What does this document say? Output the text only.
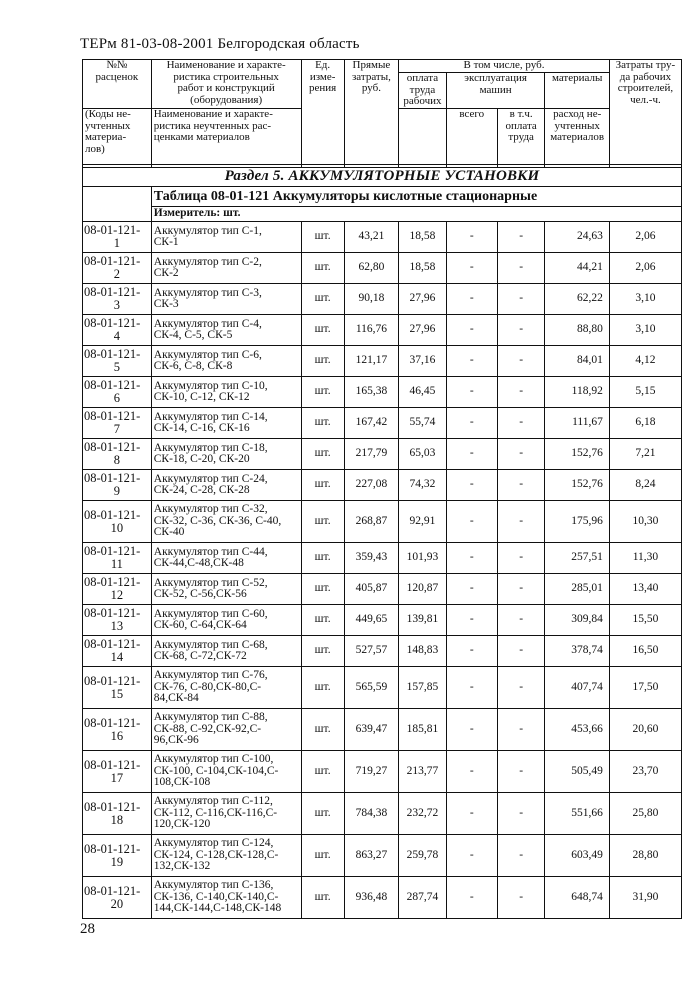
ТЕРм 81-03-08-2001 Белгородская область
№№
расценок	Наименование и характе-
ристика строительных
работ и конструкций
(оборудования)	Ед.
изме-
рения	Прямые
затраты,
руб.	В том числе, руб.				Затраты тру-
да рабочих
строителей,
чел.-ч.

				оплата
труда
рабочих	эксплуатация
машин		материалы	

(Коды не-
учтенных
материа-
лов)	Наименование и характе-
ристика неучтенных рас-
ценками материалов				всего	в т.ч.
оплата
труда	расход не-
учтенных
материалов	

Раздел 5. АККУМУЛЯТОРНЫЕ УСТАНОВКИ								
	Таблица 08-01-121 Аккумуляторы кислотные стационарные							
	Измеритель: шт.							
08-01-121-
1	Аккумулятор тип С-1,
СК-1	шт.	43,21	18,58	-	-	24,63	2,06
08-01-121-
2	Аккумулятор тип С-2,
СК-2	шт.	62,80	18,58	-	-	44,21	2,06
08-01-121-
3	Аккумулятор тип С-3,
СК-3	шт.	90,18	27,96	-	-	62,22	3,10
08-01-121-
4	Аккумулятор тип С-4,
СК-4, С-5, СК-5	шт.	116,76	27,96	-	-	88,80	3,10
08-01-121-
5	Аккумулятор тип С-6,
СК-6, С-8, СК-8	шт.	121,17	37,16	-	-	84,01	4,12
08-01-121-
6	Аккумулятор тип С-10,
СК-10, С-12, СК-12	шт.	165,38	46,45	-	-	118,92	5,15
08-01-121-
7	Аккумулятор тип С-14,
СК-14, С-16, СК-16	шт.	167,42	55,74	-	-	111,67	6,18
08-01-121-
8	Аккумулятор тип С-18,
СК-18, С-20, СК-20	шт.	217,79	65,03	-	-	152,76	7,21
08-01-121-
9	Аккумулятор тип С-24,
СК-24, С-28, СК-28	шт.	227,08	74,32	-	-	152,76	8,24
08-01-121-
10	Аккумулятор тип С-32,
СК-32, С-36, СК-36, С-40,
СК-40	шт.	268,87	92,91	-	-	175,96	10,30
08-01-121-
11	Аккумулятор тип С-44,
СК-44,С-48,СК-48	шт.	359,43	101,93	-	-	257,51	11,30
08-01-121-
12	Аккумулятор тип С-52,
СК-52, С-56,СК-56	шт.	405,87	120,87	-	-	285,01	13,40
08-01-121-
13	Аккумулятор тип С-60,
СК-60, С-64,СК-64	шт.	449,65	139,81	-	-	309,84	15,50
08-01-121-
14	Аккумулятор тип С-68,
СК-68, С-72,СК-72	шт.	527,57	148,83	-	-	378,74	16,50
08-01-121-
15	Аккумулятор тип С-76,
СК-76, С-80,СК-80,С-
84,СК-84	шт.	565,59	157,85	-	-	407,74	17,50
08-01-121-
16	Аккумулятор тип С-88,
СК-88, С-92,СК-92,С-
96,СК-96	шт.	639,47	185,81	-	-	453,66	20,60
08-01-121-
17	Аккумулятор тип С-100,
СК-100, С-104,СК-104,С-
108,СК-108	шт.	719,27	213,77	-	-	505,49	23,70
08-01-121-
18	Аккумулятор тип С-112,
СК-112, С-116,СК-116,С-
120,СК-120	шт.	784,38	232,72	-	-	551,66	25,80
08-01-121-
19	Аккумулятор тип С-124,
СК-124, С-128,СК-128,С-
132,СК-132	шт.	863,27	259,78	-	-	603,49	28,80
08-01-121-
20	Аккумулятор тип С-136,
СК-136, С-140,СК-140,С-
144,СК-144,С-148,СК-148	шт.	936,48	287,74	-	-	648,74	31,90
28
